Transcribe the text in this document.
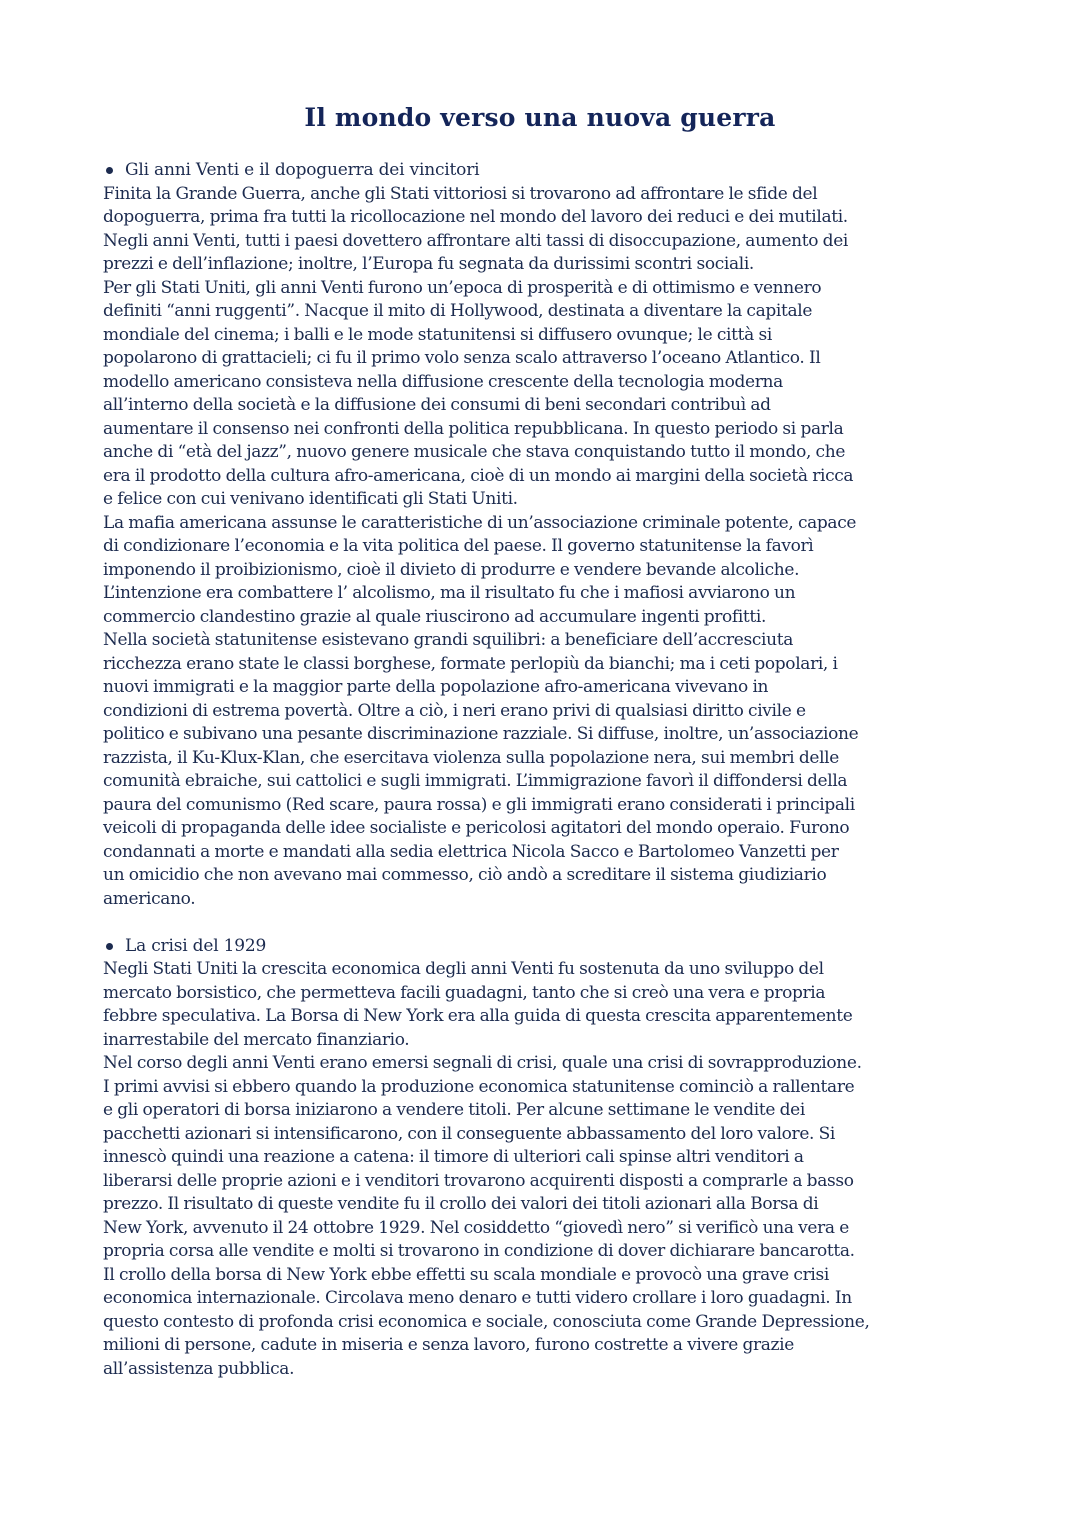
Il mondo verso una nuova guerra
Gli anni Venti e il dopoguerra dei vincitori
Finita la Grande Guerra, anche gli Stati vittoriosi si trovarono ad affrontare le sfide del
dopoguerra, prima fra tutti la ricollocazione nel mondo del lavoro dei reduci e dei mutilati.
Negli anni Venti, tutti i paesi dovettero affrontare alti tassi di disoccupazione, aumento dei
prezzi e dell’inflazione; inoltre, l’Europa fu segnata da durissimi scontri sociali.
Per gli Stati Uniti, gli anni Venti furono un’epoca di prosperità e di ottimismo e vennero
definiti “anni ruggenti”. Nacque il mito di Hollywood, destinata a diventare la capitale
mondiale del cinema; i balli e le mode statunitensi si diffusero ovunque; le città si
popolarono di grattacieli; ci fu il primo volo senza scalo attraverso l’oceano Atlantico. Il
modello americano consisteva nella diffusione crescente della tecnologia moderna
all’interno della società e la diffusione dei consumi di beni secondari contribuì ad
aumentare il consenso nei confronti della politica repubblicana. In questo periodo si parla
anche di “età del jazz”, nuovo genere musicale che stava conquistando tutto il mondo, che
era il prodotto della cultura afro-americana, cioè di un mondo ai margini della società ricca
e felice con cui venivano identificati gli Stati Uniti.
La mafia americana assunse le caratteristiche di un’associazione criminale potente, capace
di condizionare l’economia e la vita politica del paese. Il governo statunitense la favorì
imponendo il proibizionismo, cioè il divieto di produrre e vendere bevande alcoliche.
L’intenzione era combattere l’ alcolismo, ma il risultato fu che i mafiosi avviarono un
commercio clandestino grazie al quale riuscirono ad accumulare ingenti profitti.
Nella società statunitense esistevano grandi squilibri: a beneficiare dell’accresciuta
ricchezza erano state le classi borghese, formate perlopiù da bianchi; ma i ceti popolari, i
nuovi immigrati e la maggior parte della popolazione afro-americana vivevano in
condizioni di estrema povertà. Oltre a ciò, i neri erano privi di qualsiasi diritto civile e
politico e subivano una pesante discriminazione razziale. Si diffuse, inoltre, un’associazione
razzista, il Ku-Klux-Klan, che esercitava violenza sulla popolazione nera, sui membri delle
comunità ebraiche, sui cattolici e sugli immigrati. L’immigrazione favorì il diffondersi della
paura del comunismo (Red scare, paura rossa) e gli immigrati erano considerati i principali
veicoli di propaganda delle idee socialiste e pericolosi agitatori del mondo operaio. Furono
condannati a morte e mandati alla sedia elettrica Nicola Sacco e Bartolomeo Vanzetti per
un omicidio che non avevano mai commesso, ciò andò a screditare il sistema giudiziario
americano.
La crisi del 1929
Negli Stati Uniti la crescita economica degli anni Venti fu sostenuta da uno sviluppo del
mercato borsistico, che permetteva facili guadagni, tanto che si creò una vera e propria
febbre speculativa. La Borsa di New York era alla guida di questa crescita apparentemente
inarrestabile del mercato finanziario.
Nel corso degli anni Venti erano emersi segnali di crisi, quale una crisi di sovrapproduzione.
I primi avvisi si ebbero quando la produzione economica statunitense cominciò a rallentare
e gli operatori di borsa iniziarono a vendere titoli. Per alcune settimane le vendite dei
pacchetti azionari si intensificarono, con il conseguente abbassamento del loro valore. Si
innescò quindi una reazione a catena: il timore di ulteriori cali spinse altri venditori a
liberarsi delle proprie azioni e i venditori trovarono acquirenti disposti a comprarle a basso
prezzo. Il risultato di queste vendite fu il crollo dei valori dei titoli azionari alla Borsa di
New York, avvenuto il 24 ottobre 1929. Nel cosiddetto “giovedì nero” si verificò una vera e
propria corsa alle vendite e molti si trovarono in condizione di dover dichiarare bancarotta.
Il crollo della borsa di New York ebbe effetti su scala mondiale e provocò una grave crisi
economica internazionale. Circolava meno denaro e tutti videro crollare i loro guadagni. In
questo contesto di profonda crisi economica e sociale, conosciuta come Grande Depressione,
milioni di persone, cadute in miseria e senza lavoro, furono costrette a vivere grazie
all’assistenza pubblica.
